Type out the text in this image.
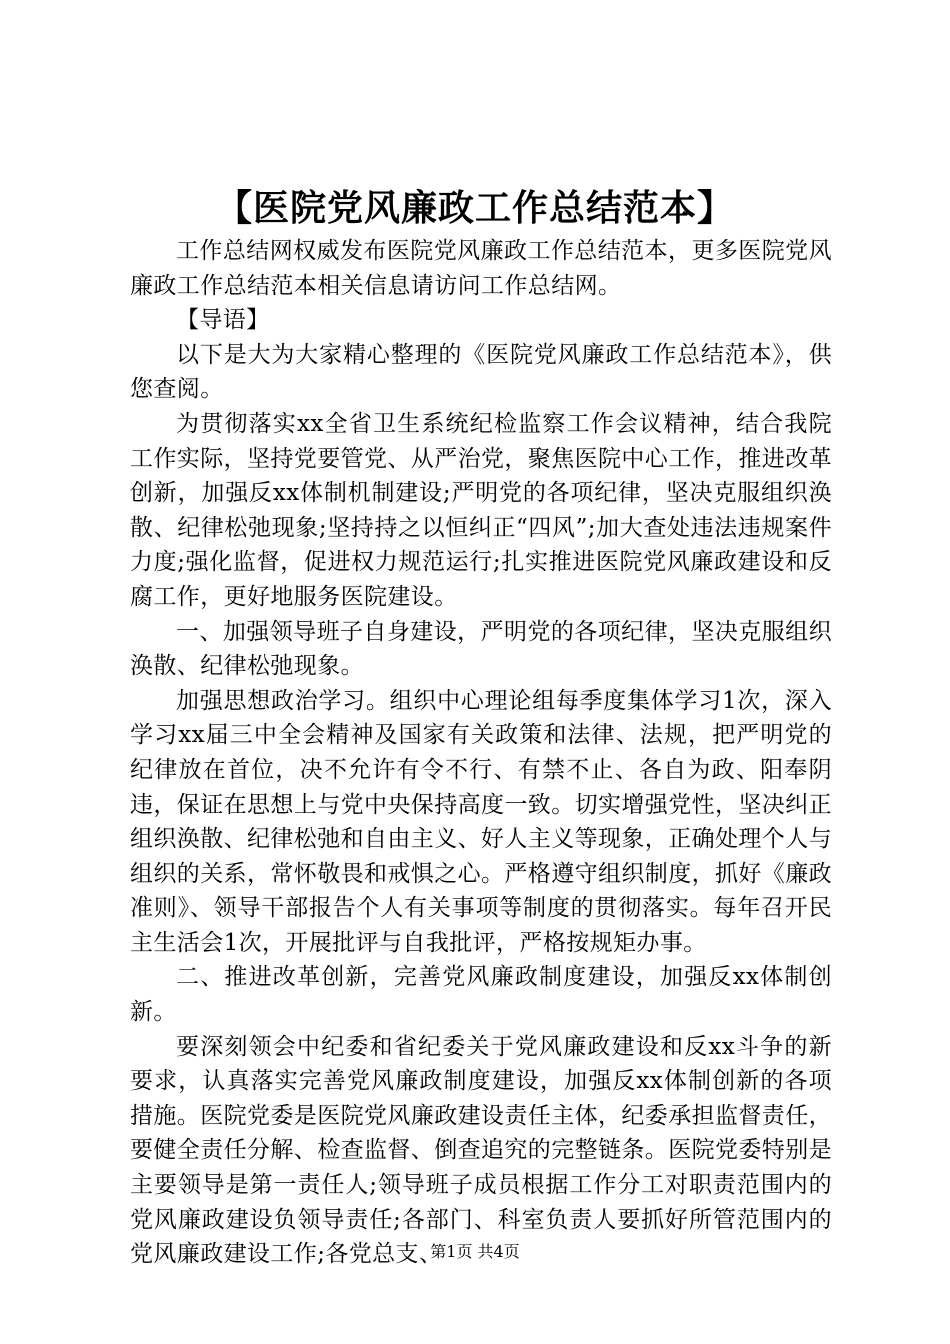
【医院党风廉政工作总结范本】

工作总结网权威发布医院党风廉政工作总结范本，更多医院党风廉政工作总结范本相关信息请访问工作总结网。

【导语】

以下是大为大家精心整理的《医院党风廉政工作总结范本》，供您查阅。

为贯彻落实xx全省卫生系统纪检监察工作会议精神，结合我院工作实际，坚持党要管党、从严治党，聚焦医院中心工作，推进改革创新，加强反xx体制机制建设;严明党的各项纪律，坚决克服组织涣散、纪律松弛现象;坚持持之以恒纠正“四风”;加大查处违法违规案件力度;强化监督，促进权力规范运行;扎实推进医院党风廉政建设和反腐工作，更好地服务医院建设。

一、加强领导班子自身建设，严明党的各项纪律，坚决克服组织涣散、纪律松弛现象。

加强思想政治学习。组织中心理论组每季度集体学习1次，深入学习xx届三中全会精神及国家有关政策和法律、法规，把严明党的纪律放在首位，决不允许有令不行、有禁不止、各自为政、阳奉阴违，保证在思想上与党中央保持高度一致。切实增强党性，坚决纠正组织涣散、纪律松弛和自由主义、好人主义等现象，正确处理个人与组织的关系，常怀敬畏和戒惧之心。严格遵守组织制度，抓好《廉政准则》、领导干部报告个人有关事项等制度的贯彻落实。每年召开民主生活会1次，开展批评与自我批评，严格按规矩办事。

二、推进改革创新，完善党风廉政制度建设，加强反xx体制创新。

要深刻领会中纪委和省纪委关于党风廉政建设和反xx斗争的新要求，认真落实完善党风廉政制度建设，加强反xx体制创新的各项措施。医院党委是医院党风廉政建设责任主体，纪委承担监督责任，要健全责任分解、检查监督、倒查追究的完整链条。医院党委特别是主要领导是第一责任人;领导班子成员根据工作分工对职责范围内的党风廉政建设负领导责任;各部门、科室负责人要抓好所管范围内的党风廉政建设工作;各党总支、

第1页 共4页
